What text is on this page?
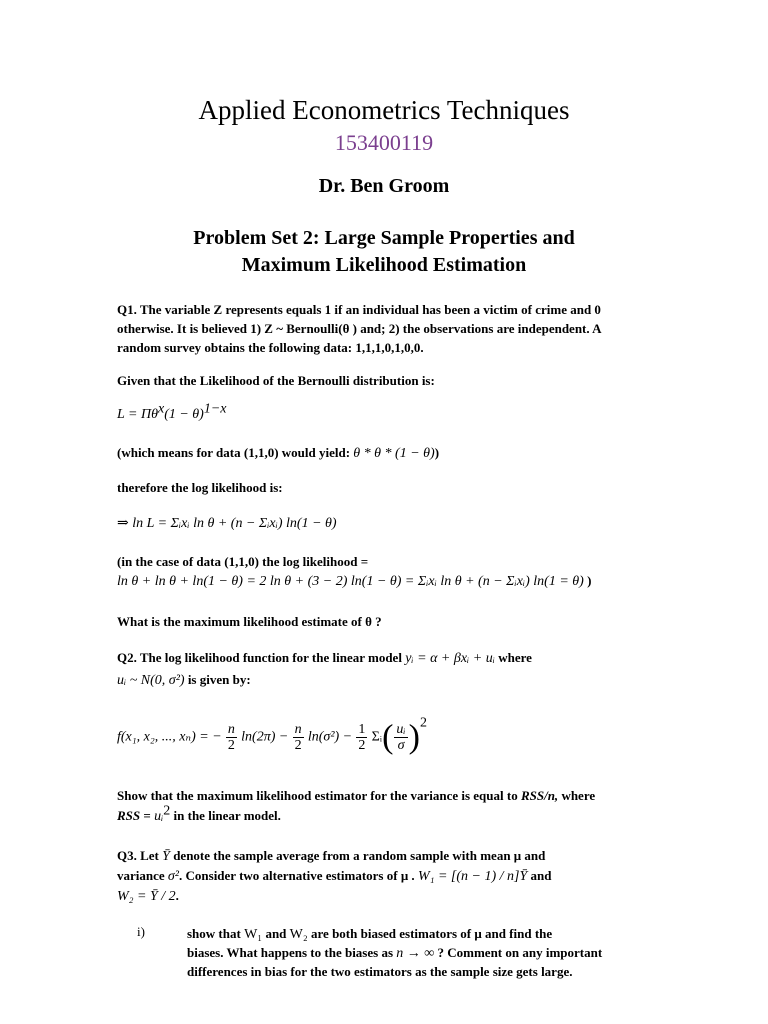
Applied Econometrics Techniques
153400119
Dr. Ben Groom
Problem Set 2: Large Sample Properties and
Maximum Likelihood Estimation
Q1. The variable Z represents equals 1 if an individual has been a victim of crime and 0
otherwise. It is believed 1) Z ~ Bernoulli(θ ) and; 2) the observations are independent. A
random survey obtains the following data: 1,1,1,0,1,0,0.
Given that the Likelihood of the Bernoulli distribution is:
$L = \Pi\theta^x(1 - \theta)^{1-x}$
(which means for data (1,1,0) would yield: θ * θ * (1 − θ))
therefore the log likelihood is:
⇒ ln L = Σᵢxᵢ ln θ + (n − Σᵢxᵢ) ln(1 − θ)
(in the case of data (1,1,0) the log likelihood =
ln θ + ln θ + ln(1 − θ) = 2 ln θ + (3 − 2) ln(1 − θ) = Σᵢxᵢ ln θ + (n − Σᵢxᵢ) ln(1 = θ) )
What is the maximum likelihood estimate of θ ?
Q2. The log likelihood function for the linear model yᵢ = α + βxᵢ + uᵢ where
uᵢ ~ N(0, σ²) is given by:
f(x₁, x₂, ..., xₙ) = − $\frac{n}{2} \ln(2\pi) - \frac{n}{2} \ln(\sigma^2) - \frac{1}{2}$ Σᵢ( $\frac{\text{uᵢ}}{\sigma} )^2$
Show that the maximum likelihood estimator for the variance is equal to RSS/n, where
RSS = uᵢ$^2$ in the linear model.
Q3. Let Ȳ denote the sample average from a random sample with mean μ and
variance σ². Consider two alternative estimators of μ . W₁ = [(n − 1) / n]Ȳ and
W₂ = Ȳ / 2.
i)	show that W₁ and W₂ are both biased estimators of μ and find the
biases. What happens to the biases as n → ∞ ? Comment on any important
differences in bias for the two estimators as the sample size gets large.
